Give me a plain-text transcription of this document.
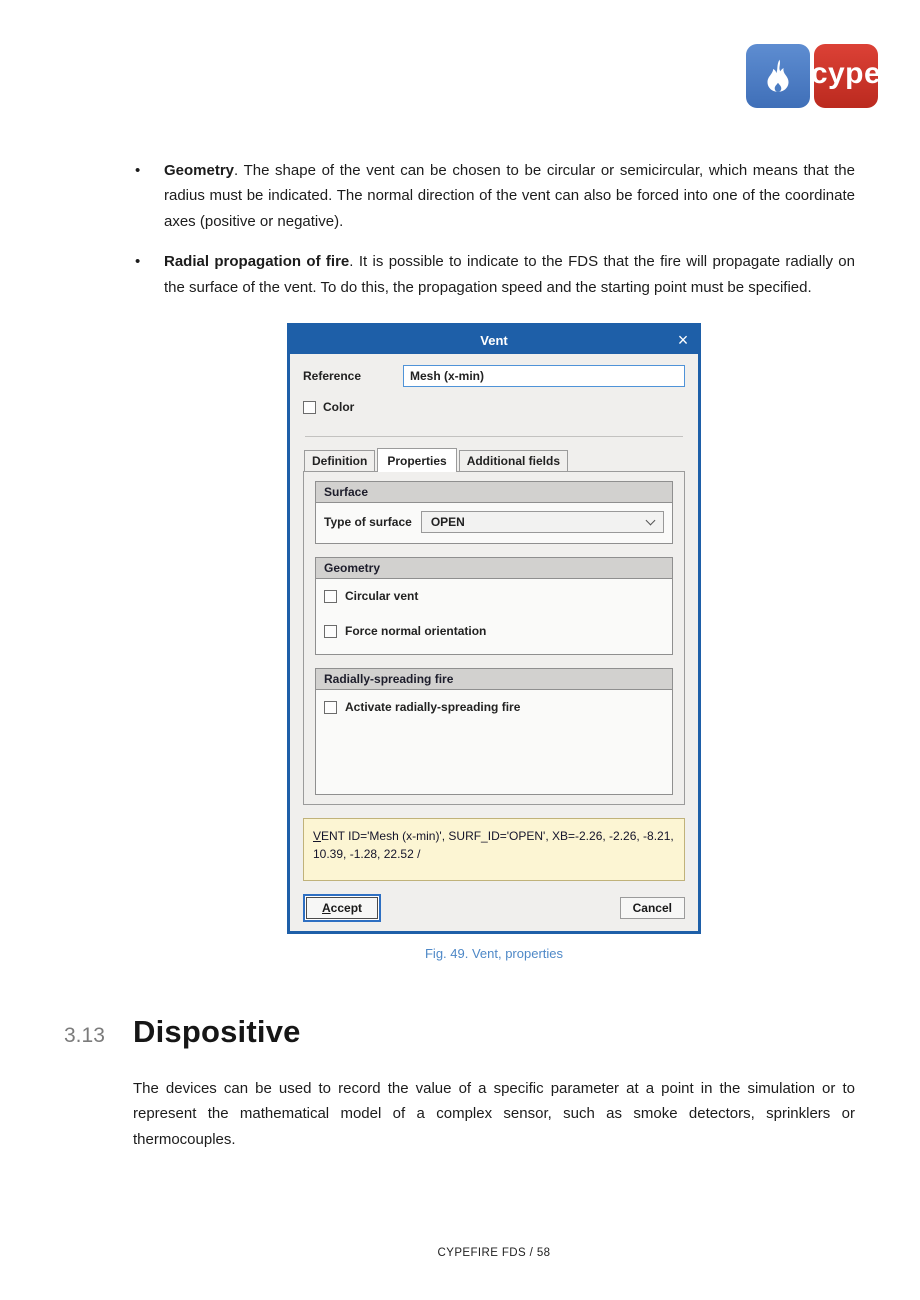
cype
•	Geometry. The shape of the vent can be chosen to be circular or semicircular, which means that the radius must be indicated. The normal direction of the vent can also be forced into one of the coordinate axes (positive or negative).
•	Radial propagation of fire. It is possible to indicate to the FDS that the fire will propagate radially on the surface of the vent. To do this, the propagation speed and the starting point must be specified.
Vent	×
Reference
Mesh (x-min)
Color
Definition	Properties	Additional fields
Surface
Type of surface OPEN
Geometry
Circular vent
Force normal orientation
Radially-spreading fire
Activate radially-spreading fire
VENT ID='Mesh (x-min)', SURF_ID='OPEN', XB=-2.26, -2.26, -8.21, 10.39, -1.28, 22.52 /
Accept	Cancel
Fig. 49. Vent, properties
3.13 Dispositive

The devices can be used to record the value of a specific parameter at a point in the simulation or to represent the mathematical model of a complex sensor, such as smoke detectors, sprinklers or thermocouples.

CYPEFIRE FDS / 58
